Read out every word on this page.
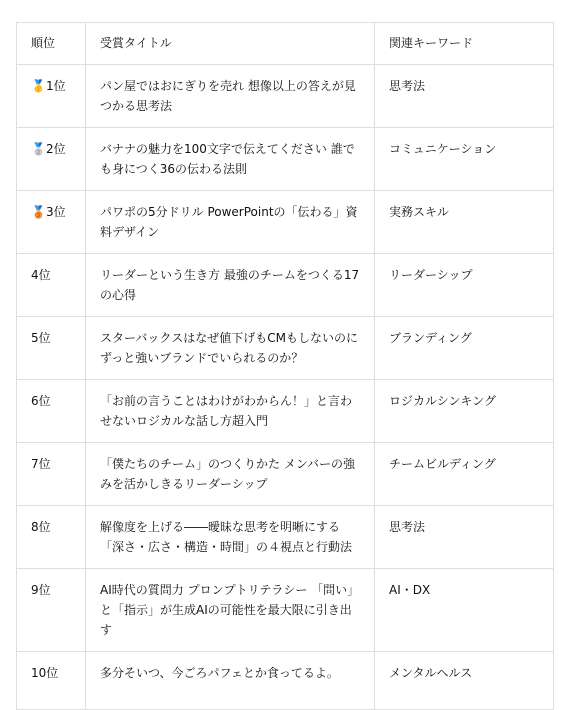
順位	受賞タイトル	関連キーワード
🥇1位	パン屋ではおにぎりを売れ 想像以上の答えが見つかる思考法	思考法
🥈2位	バナナの魅力を100文字で伝えてください 誰でも身につく36の伝わる法則	コミュニケーション
🥉3位	パワポの5分ドリル PowerPointの「伝わる」資料デザイン	実務スキル
4位	リーダーという生き方 最強のチームをつくる17の心得	リーダーシップ
5位	スターバックスはなぜ値下げもCMもしないのにずっと強いブランドでいられるのか？	ブランディング
6位	「お前の言うことはわけがわからん！」と言わせないロジカルな話し方超入門	ロジカルシンキング
7位	「僕たちのチーム」のつくりかた メンバーの強みを活かしきるリーダーシップ	チームビルディング
8位	解像度を上げる――曖昧な思考を明晰にする「深さ・広さ・構造・時間」の４視点と行動法	思考法
9位	AI時代の質問力 プロンプトリテラシー 「問い」と「指示」が生成AIの可能性を最大限に引き出す	AI・DX
10位	多分そいつ、今ごろパフェとか食ってるよ。	メンタルヘルス
